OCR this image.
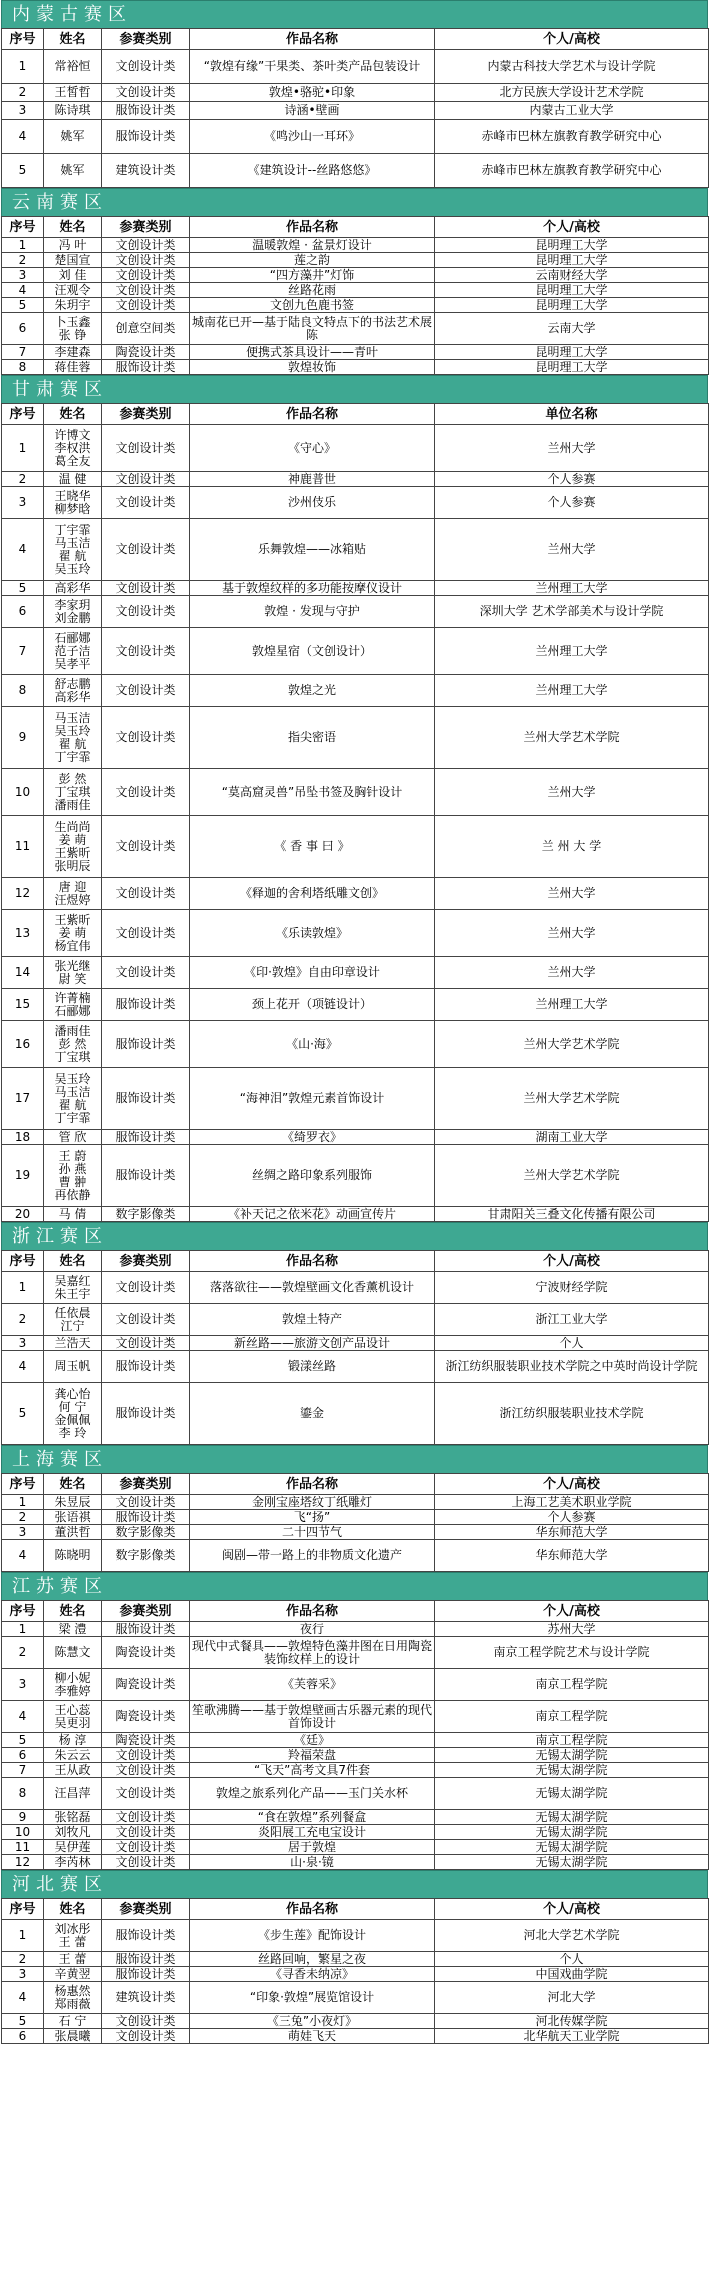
内蒙古赛区
序号	姓名	参赛类别	作品名称	个人/高校
1	常裕恒	文创设计类	“敦煌有缘”干果类、茶叶类产品包装设计	内蒙古科技大学艺术与设计学院
2	王皙哲	文创设计类	敦煌•骆驼•印象	北方民族大学设计艺术学院
3	陈诗琪	服饰设计类	诗涵•壁画	内蒙古工业大学
4	姚军	服饰设计类	《鸣沙山一耳环》	赤峰市巴林左旗教育教学研究中心
5	姚军	建筑设计类	《建筑设计--丝路悠悠》	赤峰市巴林左旗教育教学研究中心
云南赛区
序号	姓名	参赛类别	作品名称	个人/高校
1	冯 叶	文创设计类	温暖敦煌 · 盆景灯设计	昆明理工大学
2	楚国宣	文创设计类	莲之韵	昆明理工大学
3	刘 佳	文创设计类	“四方藻井”灯饰	云南财经大学
4	汪观令	文创设计类	丝路花雨	昆明理工大学
5	朱玥宇	文创设计类	文创九色鹿书签	昆明理工大学
6	卜玉鑫
张 铮	创意空间类	城南花已开—基于陆良文特点下的书法艺术展陈	云南大学
7	李建森	陶瓷设计类	便携式茶具设计——青叶	昆明理工大学
8	蒋佳蓉	服饰设计类	敦煌妆饰	昆明理工大学
甘肃赛区
序号	姓名	参赛类别	作品名称	单位名称
1	许博文
李权洪
葛全友	文创设计类	《守心》	兰州大学
2	温 健	文创设计类	神鹿普世	个人参赛
3	王晓华
柳梦晗	文创设计类	沙州伎乐	个人参赛
4	丁宇霏
马玉洁
翟 航
吴玉玲	文创设计类	乐舞敦煌——冰箱贴	兰州大学
5	高彩华	文创设计类	基于敦煌纹样的多功能按摩仪设计	兰州理工大学
6	李家玥
刘金鹏	文创设计类	敦煌 · 发现与守护	深圳大学 艺术学部美术与设计学院
7	石郦娜
范子洁
吴孝平	文创设计类	敦煌星宿（文创设计）	兰州理工大学
8	舒志鹏
高彩华	文创设计类	敦煌之光	兰州理工大学
9	马玉洁
吴玉玲
翟 航
丁宇霏	文创设计类	指尖密语	兰州大学艺术学院
10	彭 然
丁宝琪
潘雨佳	文创设计类	“莫高窟灵兽”吊坠书签及胸针设计	兰州大学
11	生尚尚
姜 萌
王紫昕
张明辰	文创设计类	《 香 事 曰 》	兰 州 大 学
12	唐 迎
汪煜婷	文创设计类	《释迦的舍利塔纸雕文创》	兰州大学
13	王紫昕
姜 萌
杨宜伟	文创设计类	《乐读敦煌》	兰州大学
14	张光继
尉 笑	文创设计类	《印·敦煌》自由印章设计	兰州大学
15	许菁楠
石郦娜	服饰设计类	颈上花开（项链设计）	兰州理工大学
16	潘雨佳
彭 然
丁宝琪	服饰设计类	《山·海》	兰州大学艺术学院
17	吴玉玲
马玉洁
翟 航
丁宇霏	服饰设计类	“海神泪”敦煌元素首饰设计	兰州大学艺术学院
18	管 欣	服饰设计类	《绮罗衣》	湖南工业大学
19	王 蔚
孙 燕
曹 翀
再依静	服饰设计类	丝绸之路印象系列服饰	兰州大学艺术学院
20	马 倩	数字影像类	《补天记之依米花》动画宣传片	甘肃阳关三叠文化传播有限公司
浙江赛区
序号	姓名	参赛类别	作品名称	个人/高校
1	吴嘉红
朱王宇	文创设计类	落落欲往——敦煌壁画文化香薰机设计	宁波财经学院
2	任依晨
江宁	文创设计类	敦煌土特产	浙江工业大学
3	兰浩天	文创设计类	新丝路——旅游文创产品设计	个人
4	周玉帆	服饰设计类	锻漾丝路	浙江纺织服装职业技术学院之中英时尚设计学院
5	龚心怡
何 宁
金佩佩
李 玲	服饰设计类	鎏金	浙江纺织服装职业技术学院
上海赛区
序号	姓名	参赛类别	作品名称	个人/高校
1	朱昱辰	文创设计类	金刚宝座塔纹丁纸雕灯	上海工艺美术职业学院
2	张语祺	服饰设计类	飞“扬”	个人参赛
3	董洪哲	数字影像类	二十四节气	华东师范大学
4	陈晓明	数字影像类	闽剧—带一路上的非物质文化遗产	华东师范大学
江苏赛区
序号	姓名	参赛类别	作品名称	个人/高校
1	梁 澧	服饰设计类	夜行	苏州大学
2	陈慧文	陶瓷设计类	现代中式餐具——敦煌特色藻井图在日用陶瓷装饰纹样上的设计	南京工程学院艺术与设计学院
3	柳小妮
李雅婷	陶瓷设计类	《芙蓉采》	南京工程学院
4	王心蕊
吴更羽	陶瓷设计类	笙歌沸腾——基于敦煌壁画古乐器元素的现代首饰设计	南京工程学院
5	杨 淳	陶瓷设计类	《廷》	南京工程学院
6	朱云云	文创设计类	羚福荣盘	无锡太湖学院
7	王从政	文创设计类	“飞天”高考文具7件套	无锡太湖学院
8	汪昌萍	文创设计类	敦煌之旅系列化产品——玉门关水杯	无锡太湖学院
9	张铭磊	文创设计类	“食在敦煌”系列餐盒	无锡太湖学院
10	刘牧凡	文创设计类	炎阳展工充电宝设计	无锡太湖学院
11	吴伊莲	文创设计类	居于敦煌	无锡太湖学院
12	李芮林	文创设计类	山·泉·镜	无锡太湖学院
河北赛区
序号	姓名	参赛类别	作品名称	个人/高校
1	刘冰彤
王 蕾	服饰设计类	《步生莲》配饰设计	河北大学艺术学院
2	王 蕾	服饰设计类	丝路回响，繁星之夜	个人
3	辛黄翌	服饰设计类	《寻香未纳凉》	中国戏曲学院
4	杨惠然
郑雨薇	建筑设计类	“印象·敦煌”展览馆设计	河北大学
5	石 宁	文创设计类	《三兔”小夜灯》	河北传媒学院
6	张晨曦	文创设计类	萌娃飞天	北华航天工业学院
